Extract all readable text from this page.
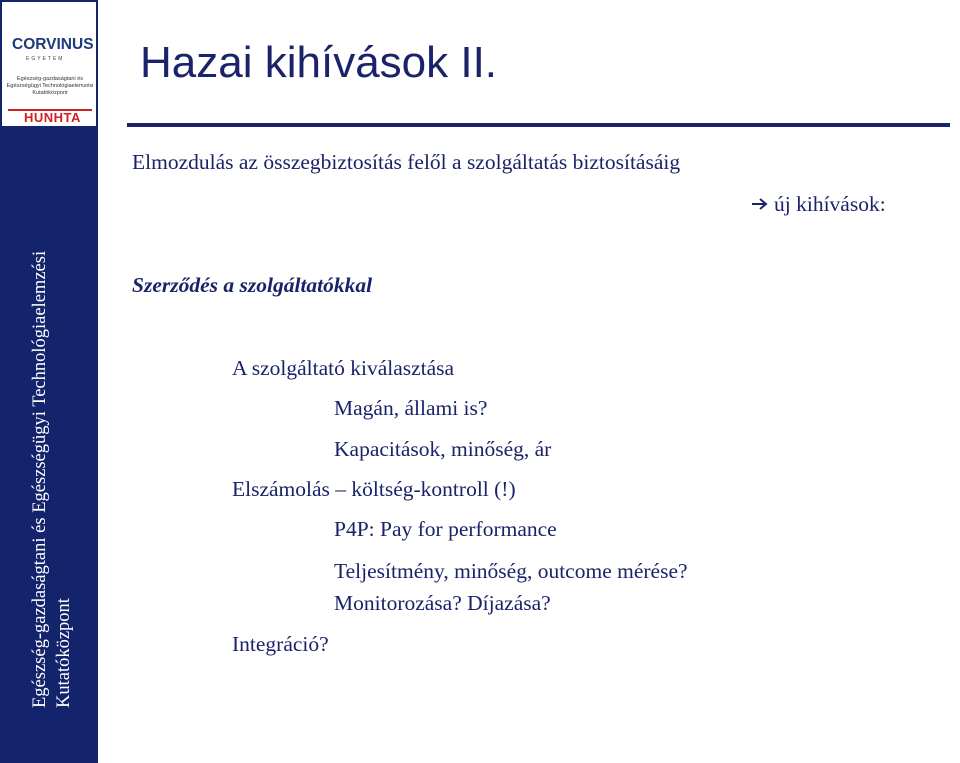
CORVINUS
EGYETEM
Egészség-gazdaságtani és
Egészségügyi Technológiaelemzési
Kutatóközpont
HUNHTA
Egészség-gazdaságtani és Egészségügyi Technológiaelemzési Kutatóközpont
Hazai kihívások II.
Elmozdulás az összegbiztosítás felől a szolgáltatás biztosításáig
új kihívások:
Szerződés a szolgáltatókkal
A szolgáltató kiválasztása
Magán, állami is?
Kapacitások, minőség, ár
Elszámolás – költség-kontroll (!)
P4P: Pay for performance
Teljesítmény, minőség, outcome mérése?
Monitorozása? Díjazása?
Integráció?
